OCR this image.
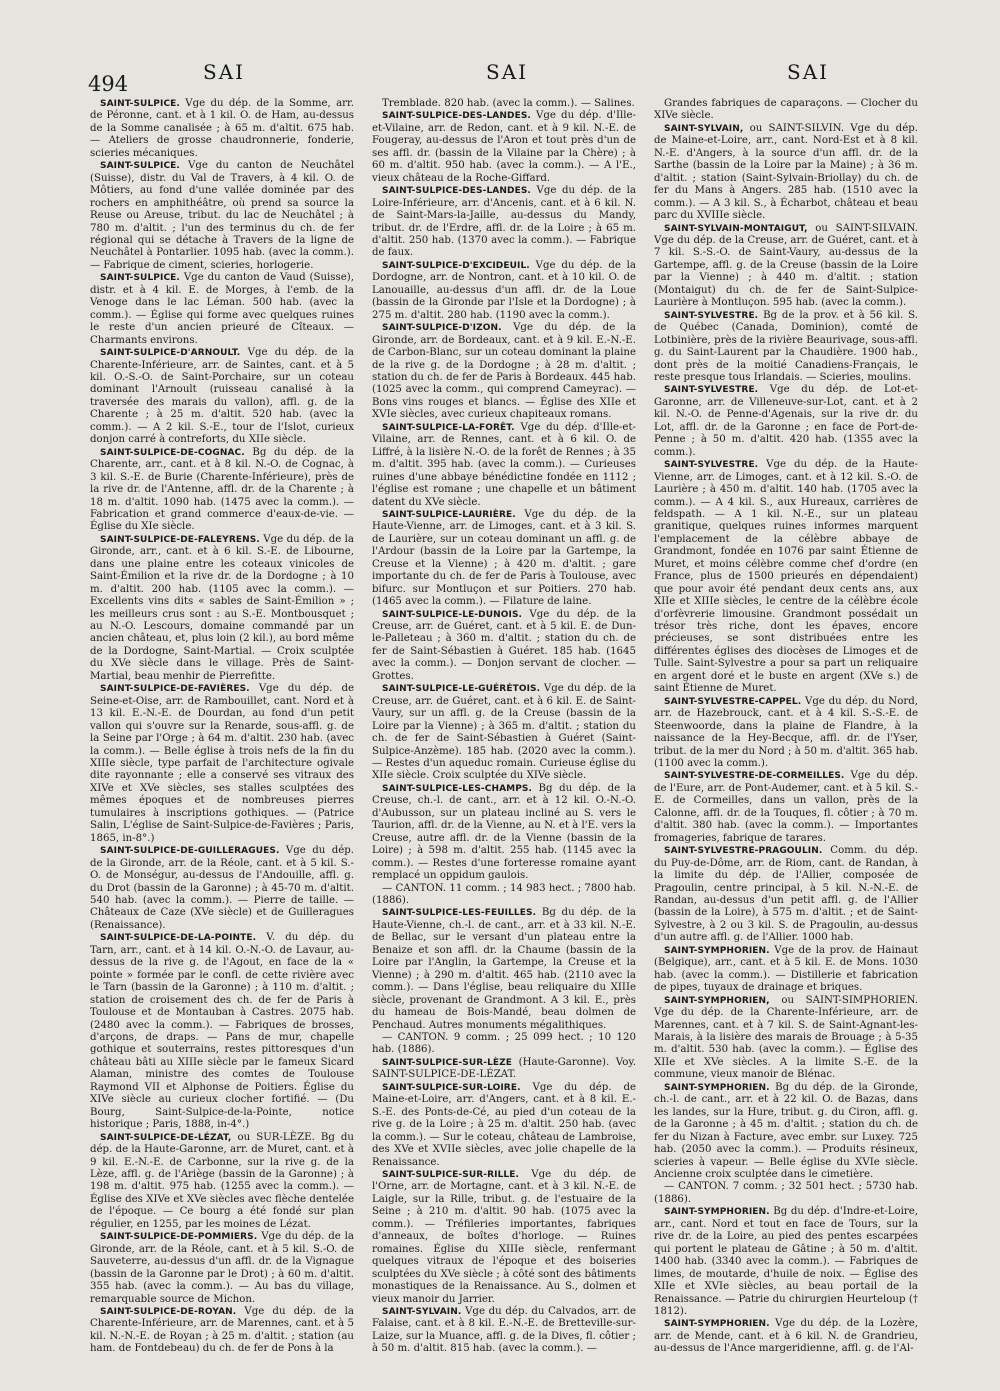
494	SAI	SAI	SAI

SAINT-SULPICE. Vge du dép. de la Somme, arr. de Péronne, cant. et à 1 kil. O. de Ham, au-dessus de la Somme canalisée ; à 65 m. d'altit. 675 hab. — Ateliers de grosse chaudronnerie, fonderie, scieries mécaniques.

SAINT-SULPICE. Vge du canton de Neuchâtel (Suisse), distr. du Val de Travers, à 4 kil. O. de Môtiers, au fond d'une vallée dominée par des rochers en amphithéâtre, où prend sa source la Reuse ou Areuse, tribut. du lac de Neuchâtel ; à 780 m. d'altit. ; l'un des terminus du ch. de fer régional qui se détache à Travers de la ligne de Neuchâtel à Pontarlier. 1095 hab. (avec la comm.). — Fabrique de ciment, scieries, horlogerie.

SAINT-SULPICE. Vge du canton de Vaud (Suisse), distr. et à 4 kil. E. de Morges, à l'emb. de la Venoge dans le lac Léman. 500 hab. (avec la comm.). — Église qui forme avec quelques ruines le reste d'un ancien prieuré de Cîteaux. — Charmants environs.

SAINT-SULPICE-D'ARNOULT. Vge du dép. de la Charente-Inférieure, arr. de Saintes, cant. et à 5 kil. O.-S.-O. de Saint-Porchaire, sur un coteau dominant l'Arnoult (ruisseau canalisé à la traversée des marais du vallon), affl. g. de la Charente ; à 25 m. d'altit. 520 hab. (avec la comm.). — A 2 kil. S.-E., tour de l'Islot, curieux donjon carré à contreforts, du XIIe siècle.

SAINT-SULPICE-DE-COGNAC. Bg du dép. de la Charente, arr., cant. et à 8 kil. N.-O. de Cognac, à 3 kil. S.-E. de Burie (Charente-Inférieure), près de la rive dr. de l'Antenne, affl. dr. de la Charente ; à 18 m. d'altit. 1090 hab. (1475 avec la comm.). — Fabrication et grand commerce d'eaux-de-vie. — Église du XIe siècle.

SAINT-SULPICE-DE-FALEYRENS. Vge du dép. de la Gironde, arr., cant. et à 6 kil. S.-E. de Libourne, dans une plaine entre les coteaux vinicoles de Saint-Émilion et la rive dr. de la Dordogne ; à 10 m. d'altit. 200 hab. (1105 avec la comm.). — Excellents vins dits « sables de Saint-Émilion » ; les meilleurs crus sont : au S.-E. Montbousquet ; au N.-O. Lescours, domaine commandé par un ancien château, et, plus loin (2 kil.), au bord même de la Dordogne, Saint-Martial. — Croix sculptée du XVe siècle dans le village. Près de Saint-Martial, beau menhir de Pierrefitte.

SAINT-SULPICE-DE-FAVIÈRES. Vge du dép. de Seine-et-Oise, arr. de Rambouillet, cant. Nord et à 13 kil. E.-N.-E. de Dourdan, au fond d'un petit vallon qui s'ouvre sur la Renarde, sous-affl. g. de la Seine par l'Orge ; à 64 m. d'altit. 230 hab. (avec la comm.). — Belle église à trois nefs de la fin du XIIIe siècle, type parfait de l'architecture ogivale dite rayonnante ; elle a conservé ses vitraux des XIVe et XVe siècles, ses stalles sculptées des mêmes époques et de nombreuses pierres tumulaires à inscriptions gothiques. — (Patrice Salin, L'église de Saint-Sulpice-de-Favières ; Paris, 1865, in-8°.)

SAINT-SULPICE-DE-GUILLERAGUES. Vge du dép. de la Gironde, arr. de la Réole, cant. et à 5 kil. S.-O. de Monségur, au-dessus de l'Andouille, affl. g. du Drot (bassin de la Garonne) ; à 45-70 m. d'altit. 540 hab. (avec la comm.). — Pierre de taille. — Châteaux de Caze (XVe siècle) et de Guilleragues (Renaissance).

SAINT-SULPICE-DE-LA-POINTE. V. du dép. du Tarn, arr., cant. et à 14 kil. O.-N.-O. de Lavaur, au-dessus de la rive g. de l'Agout, en face de la « pointe » formée par le confl. de cette rivière avec le Tarn (bassin de la Garonne) ; à 110 m. d'altit. ; station de croisement des ch. de fer de Paris à Toulouse et de Montauban à Castres. 2075 hab. (2480 avec la comm.). — Fabriques de brosses, d'arçons, de draps. — Pans de mur, chapelle gothique et souterrains, restes pittoresques d'un château bâti au XIIIe siècle par le fameux Sicard Alaman, ministre des comtes de Toulouse Raymond VII et Alphonse de Poitiers. Église du XIVe siècle au curieux clocher fortifié. — (Du Bourg, Saint-Sulpice-de-la-Pointe, notice historique ; Paris, 1888, in-4°.)

SAINT-SULPICE-DE-LÉZAT, ou SUR-LÈZE. Bg du dép. de la Haute-Garonne, arr. de Muret, cant. et à 9 kil. E.-N.-E. de Carbonne, sur la rive g. de la Lèze, affl. g. de l'Ariège (bassin de la Garonne) ; à 198 m. d'altit. 975 hab. (1255 avec la comm.). — Église des XIVe et XVe siècles avec flèche dentelée de l'époque. — Ce bourg a été fondé sur plan régulier, en 1255, par les moines de Lézat.

SAINT-SULPICE-DE-POMMIERS. Vge du dép. de la Gironde, arr. de la Réole, cant. et à 5 kil. S.-O. de Sauveterre, au-dessus d'un affl. dr. de la Vignague (bassin de la Garonne par le Drot) ; à 60 m. d'altit. 355 hab. (avec la comm.). — Au bas du village, remarquable source de Michon.

SAINT-SULPICE-DE-ROYAN. Vge du dép. de la Charente-Inférieure, arr. de Marennes, cant. et à 5 kil. N.-N.-E. de Royan ; à 25 m. d'altit. ; station (au ham. de Fontdebeau) du ch. de fer de Pons à la

Tremblade. 820 hab. (avec la comm.). — Salines.

SAINT-SULPICE-DES-LANDES. Vge du dép. d'Ille-et-Vilaine, arr. de Redon, cant. et à 9 kil. N.-E. de Fougeray, au-dessus de l'Aron et tout près d'un de ses affl. dr. (bassin de la Vilaine par la Chère) ; à 60 m. d'altit. 950 hab. (avec la comm.). — A l'E., vieux château de la Roche-Giffard.

SAINT-SULPICE-DES-LANDES. Vge du dép. de la Loire-Inférieure, arr. d'Ancenis, cant. et à 6 kil. N. de Saint-Mars-la-Jaille, au-dessus du Mandy, tribut. dr. de l'Erdre, affl. dr. de la Loire ; à 65 m. d'altit. 250 hab. (1370 avec la comm.). — Fabrique de faux.

SAINT-SULPICE-D'EXCIDEUIL. Vge du dép. de la Dordogne, arr. de Nontron, cant. et à 10 kil. O. de Lanouaille, au-dessus d'un affl. dr. de la Loue (bassin de la Gironde par l'Isle et la Dordogne) ; à 275 m. d'altit. 280 hab. (1190 avec la comm.).

SAINT-SULPICE-D'IZON. Vge du dép. de la Gironde, arr. de Bordeaux, cant. et à 9 kil. E.-N.-E. de Carbon-Blanc, sur un coteau dominant la plaine de la rive g. de la Dordogne ; à 28 m. d'altit. ; station du ch. de fer de Paris à Bordeaux. 445 hab. (1025 avec la comm., qui comprend Cameyrac). — Bons vins rouges et blancs. — Église des XIIe et XVIe siècles, avec curieux chapiteaux romans.

SAINT-SULPICE-LA-FORÊT. Vge du dép. d'Ille-et-Vilaine, arr. de Rennes, cant. et à 6 kil. O. de Liffré, à la lisière N.-O. de la forêt de Rennes ; à 35 m. d'altit. 395 hab. (avec la comm.). — Curieuses ruines d'une abbaye bénédictine fondée en 1112 ; l'église est romane ; une chapelle et un bâtiment datent du XVe siècle.

SAINT-SULPICE-LAURIÈRE. Vge du dép. de la Haute-Vienne, arr. de Limoges, cant. et à 3 kil. S. de Laurière, sur un coteau dominant un affl. g. de l'Ardour (bassin de la Loire par la Gartempe, la Creuse et la Vienne) ; à 420 m. d'altit. ; gare importante du ch. de fer de Paris à Toulouse, avec bifurc. sur Montluçon et sur Poitiers. 270 hab. (1465 avec la comm.). — Filature de laine.

SAINT-SULPICE-LE-DUNOIS. Vge du dép. de la Creuse, arr. de Guéret, cant. et à 5 kil. E. de Dun-le-Palleteau ; à 360 m. d'altit. ; station du ch. de fer de Saint-Sébastien à Guéret. 185 hab. (1645 avec la comm.). — Donjon servant de clocher. — Grottes.

SAINT-SULPICE-LE-GUÉRÉTOIS. Vge du dép. de la Creuse, arr. de Guéret, cant. et à 6 kil. E. de Saint-Vaury, sur un affl. g. de la Creuse (bassin de la Loire par la Vienne) ; à 365 m. d'altit. ; station du ch. de fer de Saint-Sébastien à Guéret (Saint-Sulpice-Anzème). 185 hab. (2020 avec la comm.). — Restes d'un aqueduc romain. Curieuse église du XIIe siècle. Croix sculptée du XIVe siècle.

SAINT-SULPICE-LES-CHAMPS. Bg du dép. de la Creuse, ch.-l. de cant., arr. et à 12 kil. O.-N.-O. d'Aubusson, sur un plateau incliné au S. vers le Taurion, affl. dr. de la Vienne, au N. et à l'E. vers la Creuse, autre affl. dr. de la Vienne (bassin de la Loire) ; à 598 m. d'altit. 255 hab. (1145 avec la comm.). — Restes d'une forteresse romaine ayant remplacé un oppidum gaulois.

— CANTON. 11 comm. ; 14 983 hect. ; 7800 hab. (1886).

SAINT-SULPICE-LES-FEUILLES. Bg du dép. de la Haute-Vienne, ch.-l. de cant., arr. et à 33 kil. N.-E. de Bellac, sur le versant d'un plateau entre la Benaize et son affl. dr. la Chaume (bassin de la Loire par l'Anglin, la Gartempe, la Creuse et la Vienne) ; à 290 m. d'altit. 465 hab. (2110 avec la comm.). — Dans l'église, beau reliquaire du XIIIe siècle, provenant de Grandmont. A 3 kil. E., près du hameau de Bois-Mandé, beau dolmen de Penchaud. Autres monuments mégalithiques.

— CANTON. 9 comm. ; 25 099 hect. ; 10 120 hab. (1886).

SAINT-SULPICE-SUR-LÈZE (Haute-Garonne). Voy. SAINT-SULPICE-DE-LÉZAT.

SAINT-SULPICE-SUR-LOIRE. Vge du dép. de Maine-et-Loire, arr. d'Angers, cant. et à 8 kil. E.-S.-E. des Ponts-de-Cé, au pied d'un coteau de la rive g. de la Loire ; à 25 m. d'altit. 250 hab. (avec la comm.). — Sur le coteau, château de Lambroise, des XVe et XVIIe siècles, avec jolie chapelle de la Renaissance.

SAINT-SULPICE-SUR-RILLE. Vge du dép. de l'Orne, arr. de Mortagne, cant. et à 3 kil. N.-E. de Laigle, sur la Rille, tribut. g. de l'estuaire de la Seine ; à 210 m. d'altit. 90 hab. (1075 avec la comm.). — Tréfileries importantes, fabriques d'anneaux, de boîtes d'horloge. — Ruines romaines. Église du XIIIe siècle, renfermant quelques vitraux de l'époque et des boiseries sculptées du XVe siècle ; à côté sont des bâtiments monastiques de la Renaissance. Au S., dolmen et vieux manoir du Jarrier.

SAINT-SYLVAIN. Vge du dép. du Calvados, arr. de Falaise, cant. et à 8 kil. E.-N.-E. de Bretteville-sur-Laize, sur la Muance, affl. g. de la Dives, fl. côtier ; à 50 m. d'altit. 815 hab. (avec la comm.). —

Grandes fabriques de caparaçons. — Clocher du XIVe siècle.

SAINT-SYLVAIN, ou SAINT-SILVIN. Vge du dép. de Maine-et-Loire, arr., cant. Nord-Est et à 8 kil. N.-E. d'Angers, à la source d'un affl. dr. de la Sarthe (bassin de la Loire par la Maine) ; à 36 m. d'altit. ; station (Saint-Sylvain-Briollay) du ch. de fer du Mans à Angers. 285 hab. (1510 avec la comm.). — A 3 kil. S., à Écharbot, château et beau parc du XVIIIe siècle.

SAINT-SYLVAIN-MONTAIGUT, ou SAINT-SILVAIN. Vge du dép. de la Creuse, arr. de Guéret, cant. et à 7 kil. S.-S.-O. de Saint-Vaury, au-dessus de la Gartempe, affl. g. de la Creuse (bassin de la Loire par la Vienne) ; à 440 m. d'altit. ; station (Montaigut) du ch. de fer de Saint-Sulpice-Laurière à Montluçon. 595 hab. (avec la comm.).

SAINT-SYLVESTRE. Bg de la prov. et à 56 kil. S. de Québec (Canada, Dominion), comté de Lotbinière, près de la rivière Beaurivage, sous-affl. g. du Saint-Laurent par la Chaudière. 1900 hab., dont près de la moitié Canadiens-Français, le reste presque tous Irlandais. — Scieries, moulins.

SAINT-SYLVESTRE. Vge du dép. de Lot-et-Garonne, arr. de Villeneuve-sur-Lot, cant. et à 2 kil. N.-O. de Penne-d'Agenais, sur la rive dr. du Lot, affl. dr. de la Garonne ; en face de Port-de-Penne ; à 50 m. d'altit. 420 hab. (1355 avec la comm.).

SAINT-SYLVESTRE. Vge du dép. de la Haute-Vienne, arr. de Limoges, cant. et à 12 kil. S.-O. de Laurière ; à 450 m. d'altit. 140 hab. (1705 avec la comm.). — A 4 kil. S., aux Hureaux, carrières de feldspath. — A 1 kil. N.-E., sur un plateau granitique, quelques ruines informes marquent l'emplacement de la célèbre abbaye de Grandmont, fondée en 1076 par saint Étienne de Muret, et moins célèbre comme chef d'ordre (en France, plus de 1500 prieurés en dépendaient) que pour avoir été pendant deux cents ans, aux XIIe et XIIIe siècles, le centre de la célèbre école d'orfèvrerie limousine. Grandmont possédait un trésor très riche, dont les épaves, encore précieuses, se sont distribuées entre les différentes églises des diocèses de Limoges et de Tulle. Saint-Sylvestre a pour sa part un reliquaire en argent doré et le buste en argent (XVe s.) de saint Étienne de Muret.

SAINT-SYLVESTRE-CAPPEL. Vge du dép. du Nord, arr. de Hazebrouck, cant. et à 4 kil. S.-S.-E. de Steenwoorde, dans la plaine de Flandre, à la naissance de la Hey-Becque, affl. dr. de l'Yser, tribut. de la mer du Nord ; à 50 m. d'altit. 365 hab. (1100 avec la comm.).

SAINT-SYLVESTRE-DE-CORMEILLES. Vge du dép. de l'Eure, arr. de Pont-Audemer, cant. et à 5 kil. S.-E. de Cormeilles, dans un vallon, près de la Calonne, affl. dr. de la Touques, fl. côtier ; à 70 m. d'altit. 380 hab. (avec la comm.). — Importantes fromageries, fabrique de tarares.

SAINT-SYLVESTRE-PRAGOULIN. Comm. du dép. du Puy-de-Dôme, arr. de Riom, cant. de Randan, à la limite du dép. de l'Allier, composée de Pragoulin, centre principal, à 5 kil. N.-N.-E. de Randan, au-dessus d'un petit affl. g. de l'Allier (bassin de la Loire), à 575 m. d'altit. ; et de Saint-Sylvestre, à 2 ou 3 kil. S. de Pragoulin, au-dessus d'un autre affl. g. de l'Allier. 1000 hab.

SAINT-SYMPHORIEN. Vge de la prov. de Hainaut (Belgique), arr., cant. et à 5 kil. E. de Mons. 1030 hab. (avec la comm.). — Distillerie et fabrication de pipes, tuyaux de drainage et briques.

SAINT-SYMPHORIEN, ou SAINT-SIMPHORIEN. Vge du dép. de la Charente-Inférieure, arr. de Marennes, cant. et à 7 kil. S. de Saint-Agnant-les-Marais, à la lisière des marais de Brouage ; à 5-35 m. d'altit. 530 hab. (avec la comm.). — Église des XIIe et XVe siècles. A la limite S.-E. de la commune, vieux manoir de Blénac.

SAINT-SYMPHORIEN. Bg du dép. de la Gironde, ch.-l. de cant., arr. et à 22 kil. O. de Bazas, dans les landes, sur la Hure, tribut. g. du Ciron, affl. g. de la Garonne ; à 45 m. d'altit. ; station du ch. de fer du Nizan à Facture, avec embr. sur Luxey. 725 hab. (2050 avec la comm.). — Produits résineux, scieries à vapeur. — Belle église du XVIe siècle. Ancienne croix sculptée dans le cimetière.

— CANTON. 7 comm. ; 32 501 hect. ; 5730 hab. (1886).

SAINT-SYMPHORIEN. Bg du dép. d'Indre-et-Loire, arr., cant. Nord et tout en face de Tours, sur la rive dr. de la Loire, au pied des pentes escarpées qui portent le plateau de Gâtine ; à 50 m. d'altit. 1400 hab. (3340 avec la comm.). — Fabriques de limes, de moutarde, d'huile de noix. — Église des XIIe et XVIe siècles, au beau portail de la Renaissance. — Patrie du chirurgien Heurteloup († 1812).

SAINT-SYMPHORIEN. Vge du dép. de la Lozère, arr. de Mende, cant. et à 6 kil. N. de Grandrieu, au-dessus de l'Ance margeridienne, affl. g. de l'Al-
